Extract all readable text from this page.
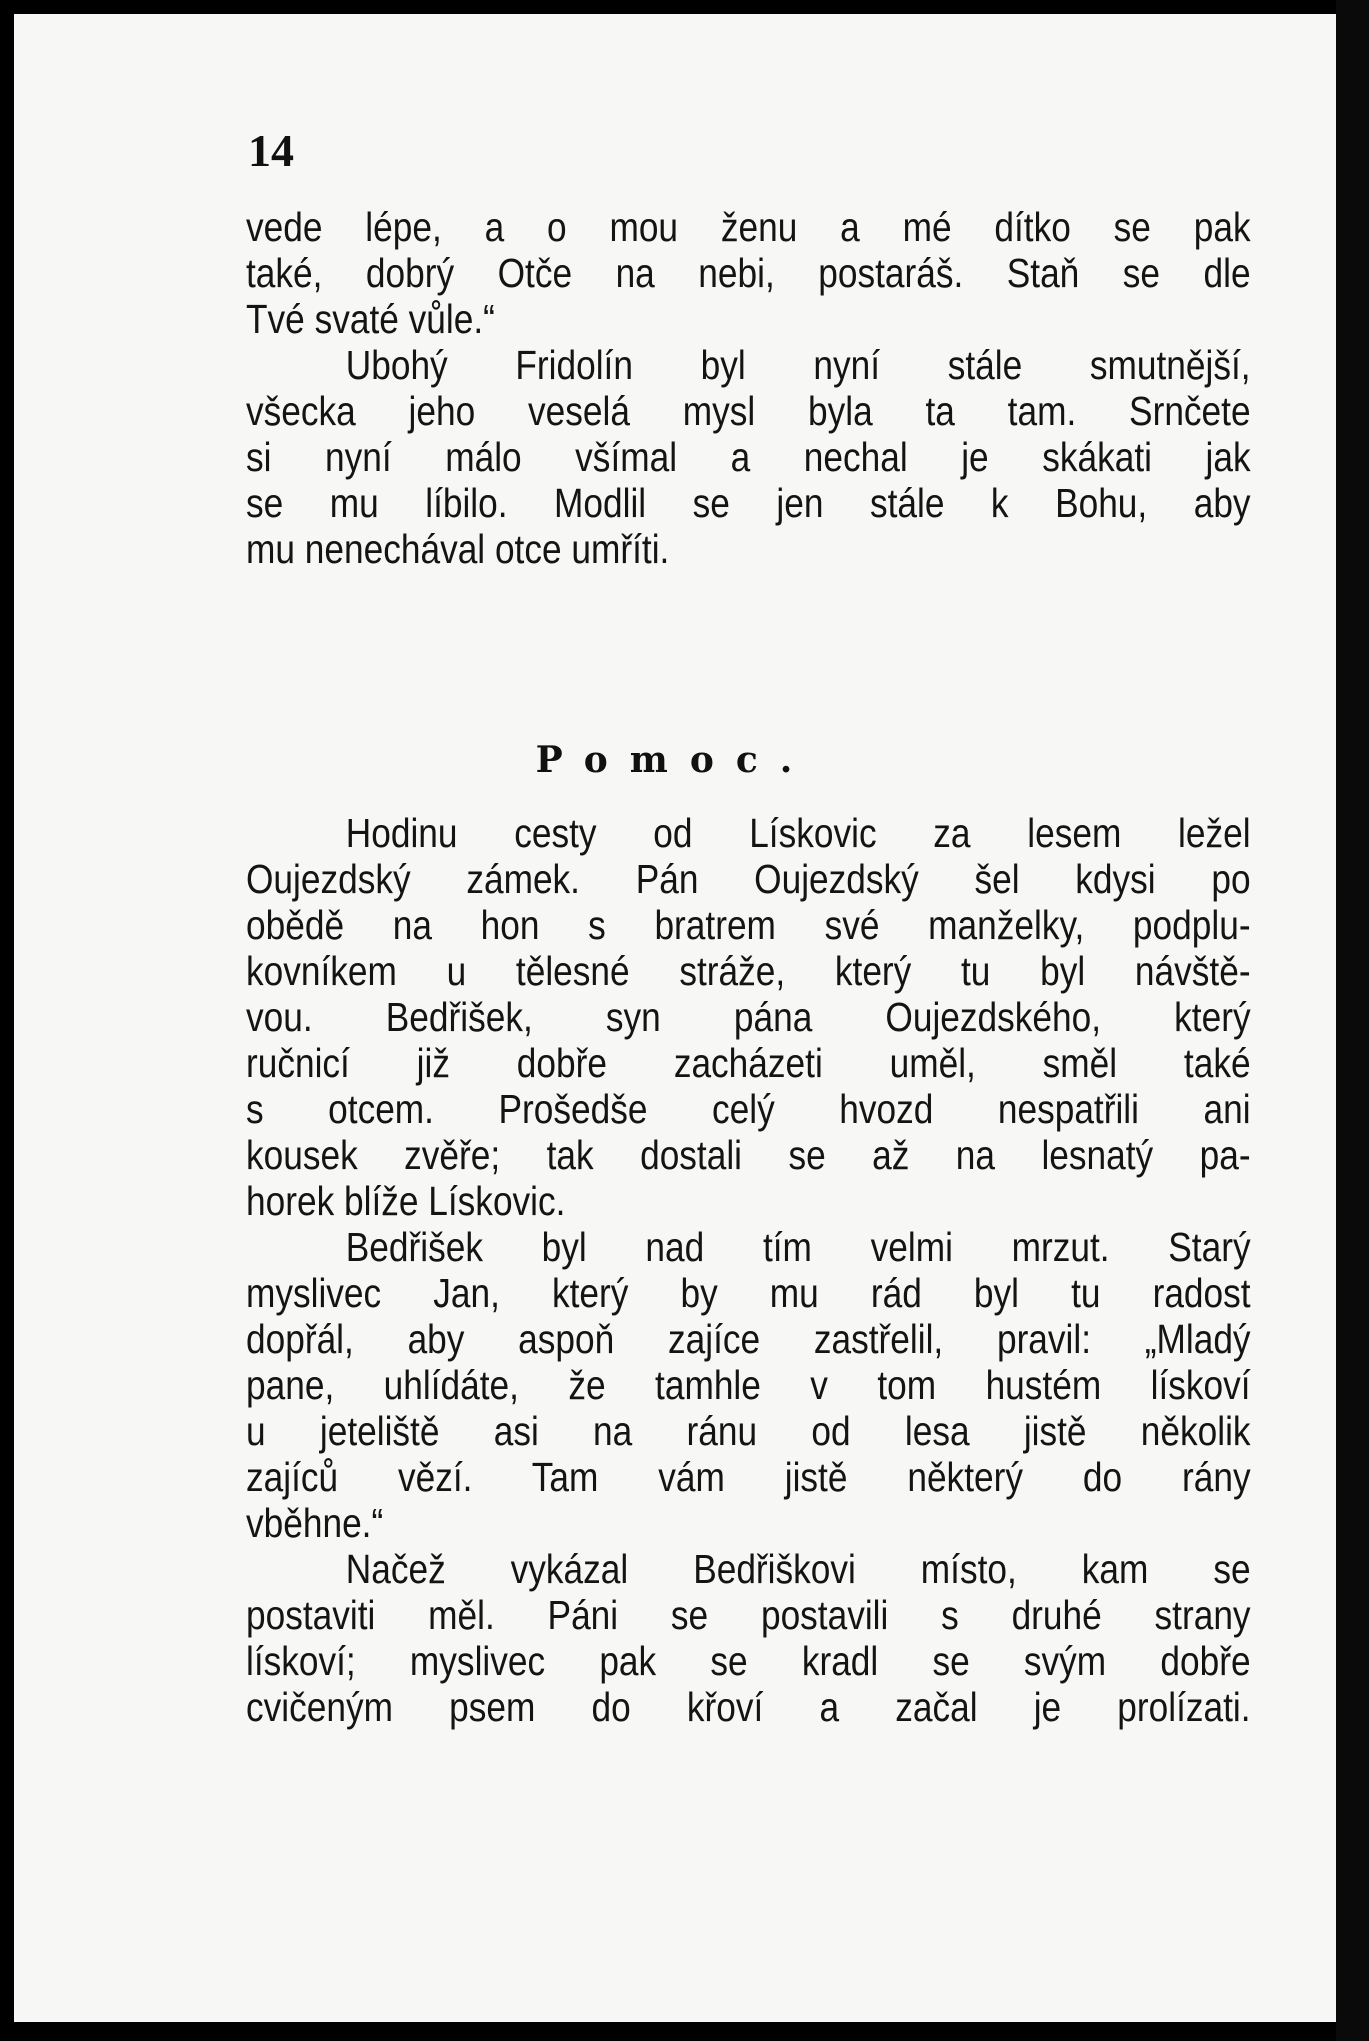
14
vede lépe, a o mou ženu a mé dítko se pak
také, dobrý Otče na nebi, postaráš. Staň se dle
Tvé svaté vůle.“
Ubohý Fridolín byl nyní stále smutnější,
všecka jeho veselá mysl byla ta tam. Srnčete
si nyní málo všímal a nechal je skákati jak
se mu líbilo. Modlil se jen stále k Bohu, aby
mu nenechával otce umříti.
Pomoc.
Hodinu cesty od Lískovic za lesem ležel
Oujezdský zámek. Pán Oujezdský šel kdysi po
obědě na hon s bratrem své manželky, podplu-
kovníkem u tělesné stráže, který tu byl návště-
vou. Bedřišek, syn pána Oujezdského, který
ručnicí již dobře zacházeti uměl, směl také
s otcem. Prošedše celý hvozd nespatřili ani
kousek zvěře; tak dostali se až na lesnatý pa-
horek blíže Lískovic.
Bedřišek byl nad tím velmi mrzut. Starý
myslivec Jan, který by mu rád byl tu radost
dopřál, aby aspoň zajíce zastřelil, pravil: „Mladý
pane, uhlídáte, že tamhle v tom hustém lískoví
u jeteliště asi na ránu od lesa jistě několik
zajíců vězí. Tam vám jistě některý do rány
vběhne.“
Načež vykázal Bedřiškovi místo, kam se
postaviti měl. Páni se postavili s druhé strany
lískoví; myslivec pak se kradl se svým dobře
cvičeným psem do křoví a začal je prolízati.
